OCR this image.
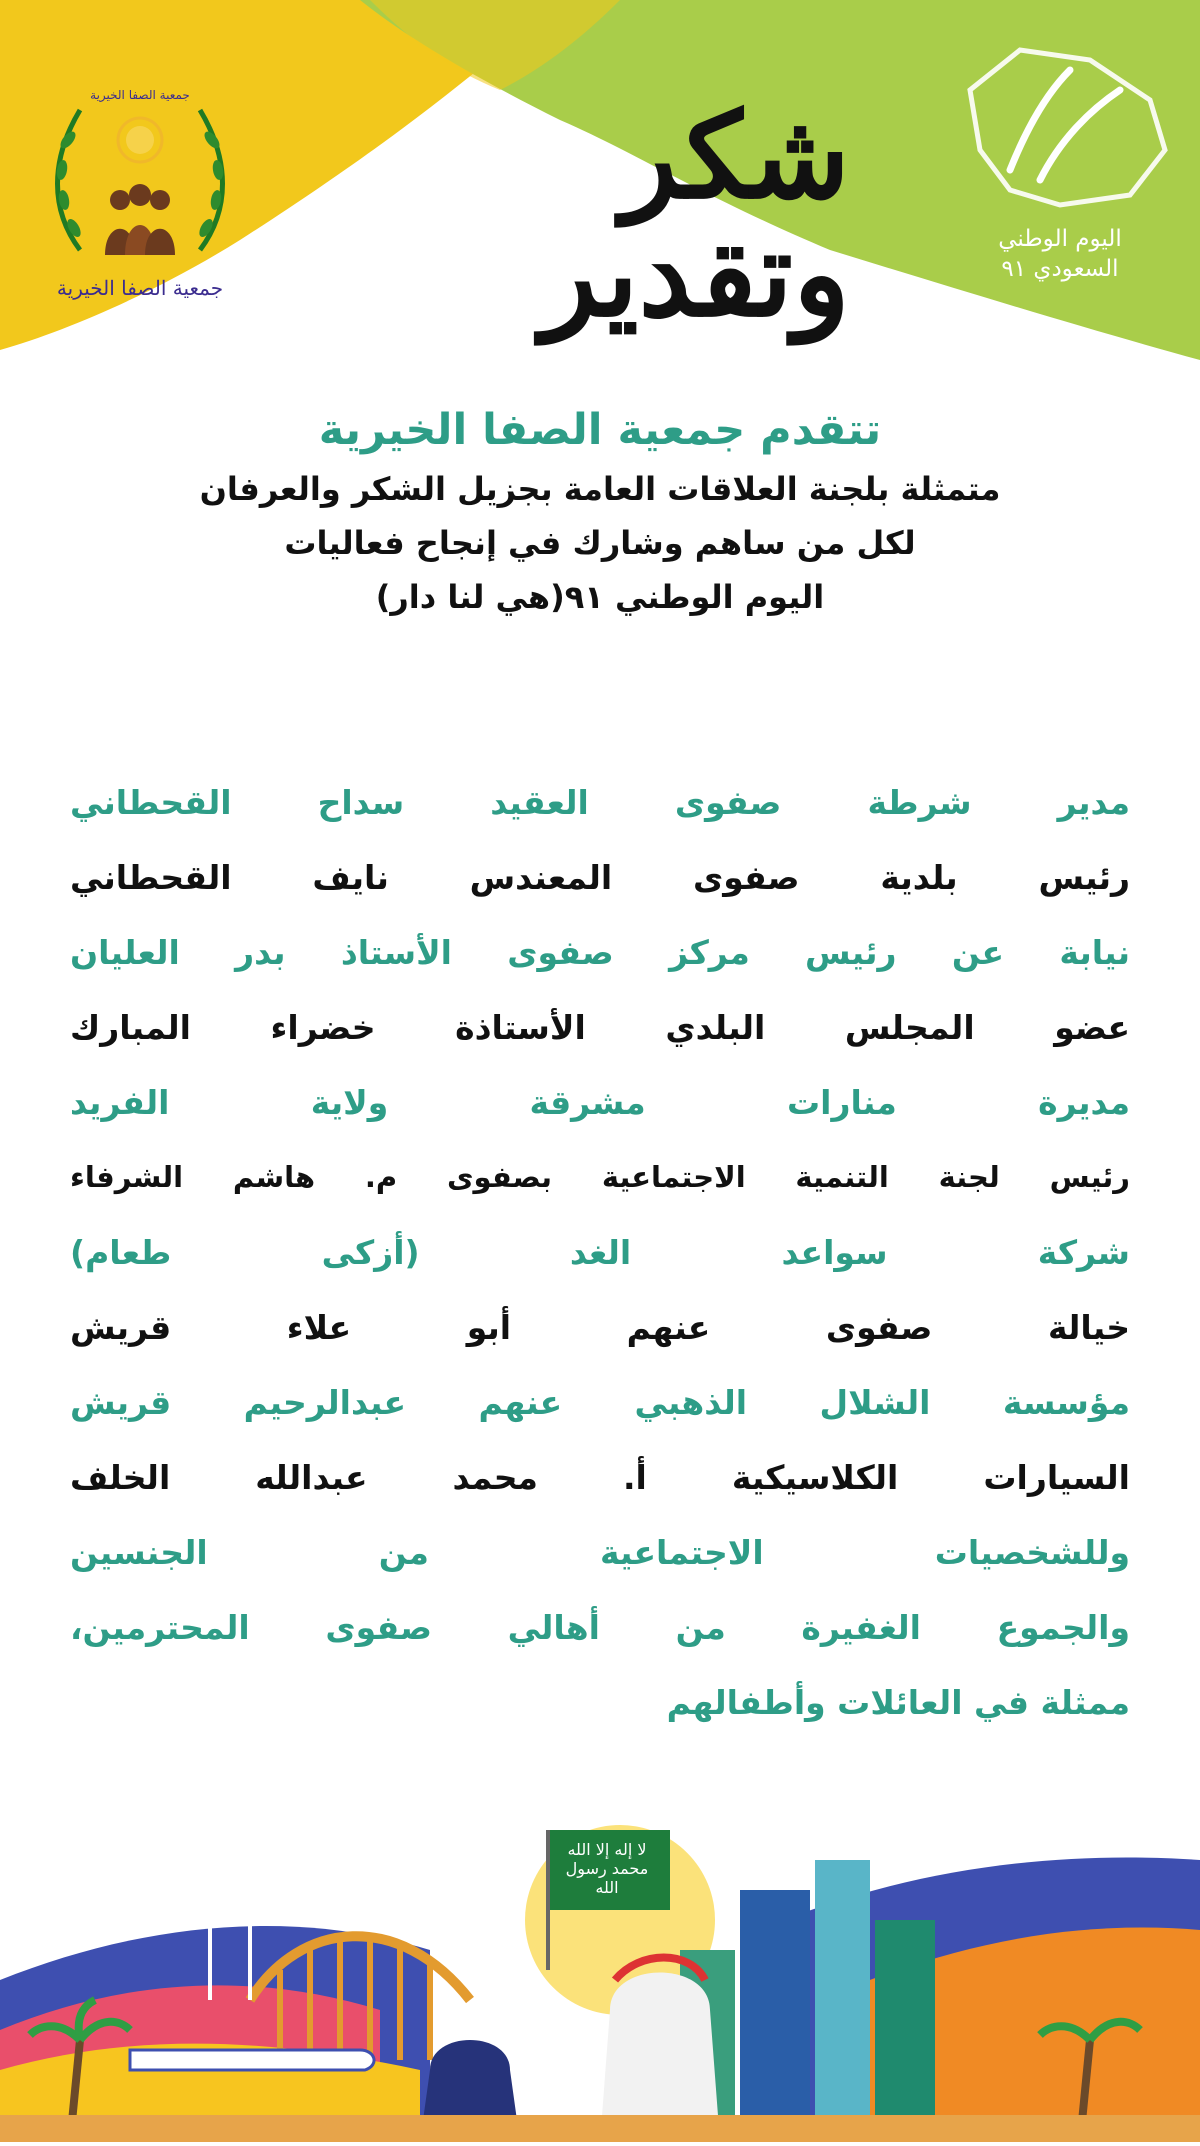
جمعية الصفا الخيرية
جمعية الصفا الخيرية
شكر وتقدير	اليوم الوطني
السعودي ٩١

تتقدم جمعية الصفا الخيرية

متمثلة بلجنة العلاقات العامة بجزيل الشكر والعرفان

لكل من ساهم وشارك في إنجاح فعاليات

اليوم الوطني ٩١(هي لنا دار)

مدير شرطة صفوى العقيد سداح القحطاني
رئيس بلدية صفوى المعندس نايف القحطاني
نيابة عن رئيس مركز صفوى الأستاذ بدر العليان
عضو المجلس البلدي الأستاذة خضراء المبارك
مديرة منارات مشرقة ولاية الفريد
رئيس لجنة التنمية الاجتماعية بصفوى م. هاشم الشرفاء
شركة سواعد الغد (أزكى طعام)
خيالة صفوى عنهم أبو علاء قريش
مؤسسة الشلال الذهبي عنهم عبدالرحيم قريش
السيارات الكلاسيكية أ. محمد عبدالله الخلف
وللشخصيات الاجتماعية من الجنسين
والجموع الغفيرة من أهالي صفوى المحترمين،
ممثلة في العائلات وأطفالهم
لا إله إلا الله محمد رسول الله
